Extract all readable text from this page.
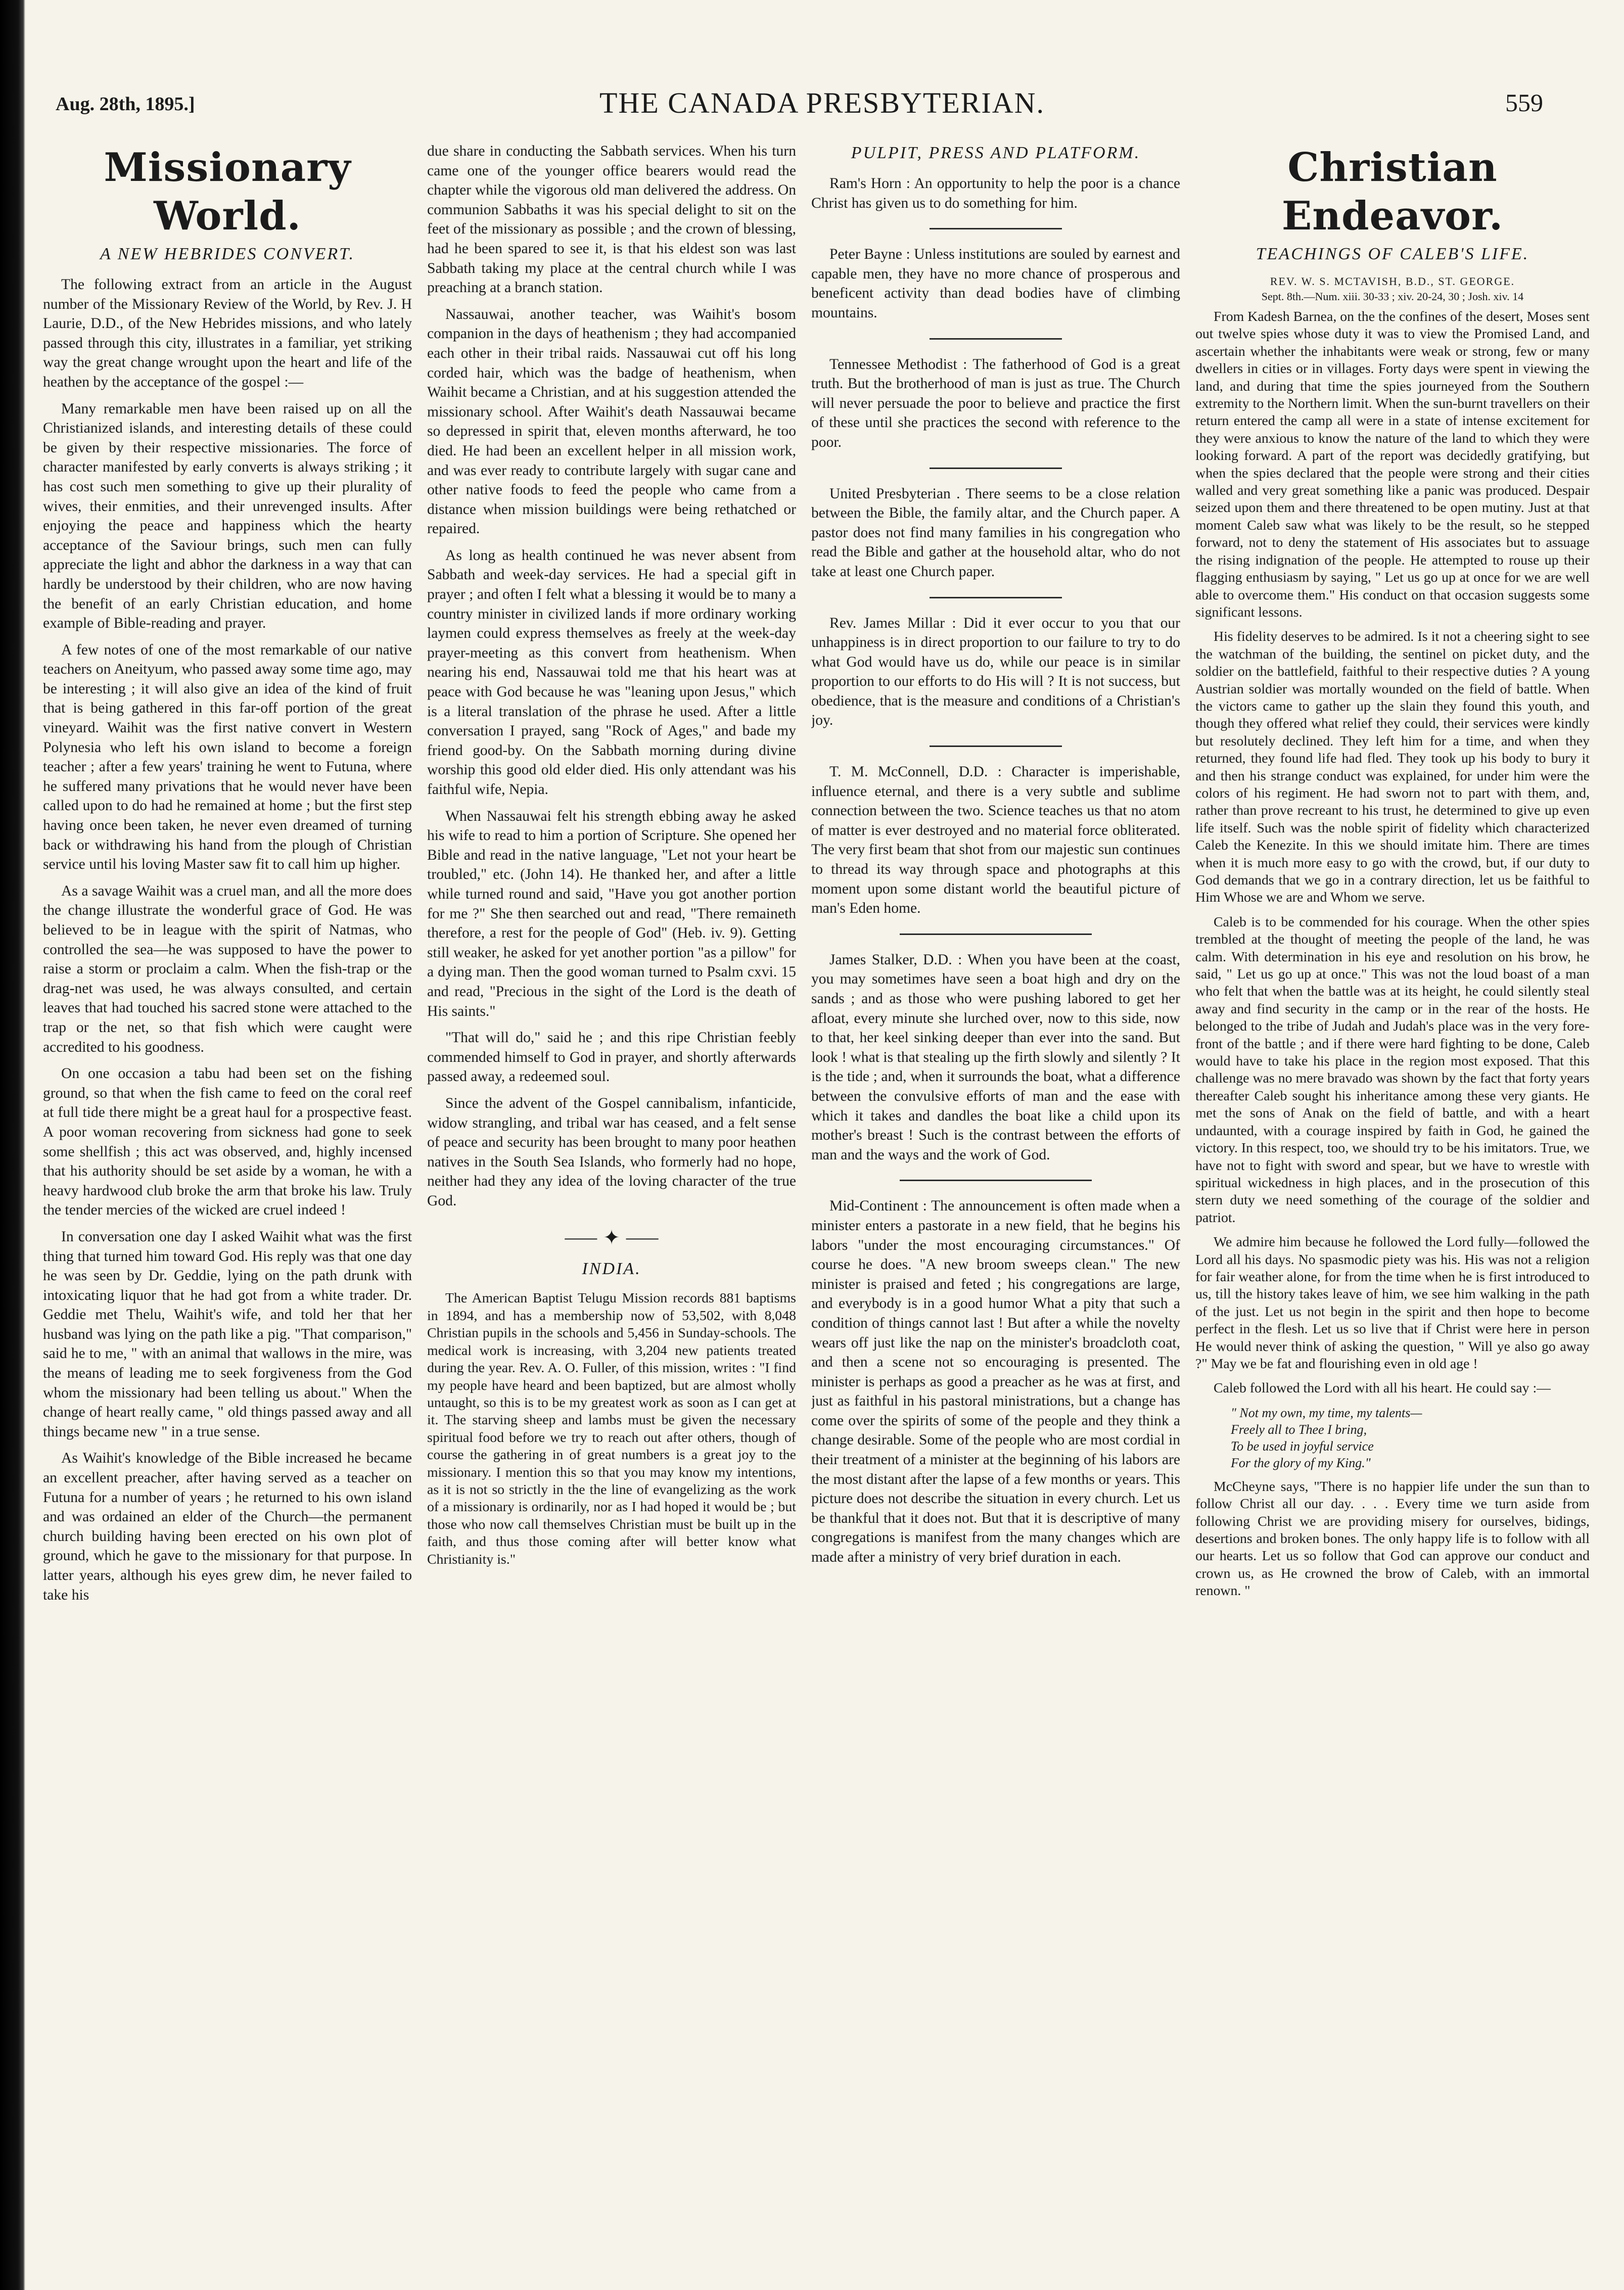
Aug. 28th, 1895.]	THE CANADA PRESBYTERIAN.	559
Missionary World.
A NEW HEBRIDES CONVERT.

The following extract from an article in the August number of the Missionary Review of the World, by Rev. J. H Laurie, D.D., of the New Hebrides missions, and who lately passed through this city, illustrates in a familiar, yet striking way the great change wrought upon the heart and life of the heathen by the acceptance of the gospel :—

Many remarkable men have been raised up on all the Christianized islands, and interesting details of these could be given by their respective missionaries. The force of character manifested by early converts is always striking ; it has cost such men something to give up their plurality of wives, their enmities, and their unrevenged insults. After enjoying the peace and happiness which the hearty acceptance of the Saviour brings, such men can fully appreciate the light and abhor the darkness in a way that can hardly be understood by their children, who are now having the benefit of an early Christian education, and home example of Bible-reading and prayer.

A few notes of one of the most remarkable of our native teachers on Aneityum, who passed away some time ago, may be interesting ; it will also give an idea of the kind of fruit that is being gathered in this far-off portion of the great vineyard. Waihit was the first native convert in Western Polynesia who left his own island to become a foreign teacher ; after a few years' training he went to Futuna, where he suffered many privations that he would never have been called upon to do had he remained at home ; but the first step having once been taken, he never even dreamed of turning back or withdrawing his hand from the plough of Christian service until his loving Master saw fit to call him up higher.

As a savage Waihit was a cruel man, and all the more does the change illustrate the wonderful grace of God. He was believed to be in league with the spirit of Natmas, who controlled the sea—he was supposed to have the power to raise a storm or proclaim a calm. When the fish-trap or the drag-net was used, he was always consulted, and certain leaves that had touched his sacred stone were attached to the trap or the net, so that fish which were caught were accredited to his goodness.

On one occasion a tabu had been set on the fishing ground, so that when the fish came to feed on the coral reef at full tide there might be a great haul for a prospective feast. A poor woman recovering from sickness had gone to seek some shellfish ; this act was observed, and, highly incensed that his authority should be set aside by a woman, he with a heavy hardwood club broke the arm that broke his law. Truly the tender mercies of the wicked are cruel indeed !

In conversation one day I asked Waihit what was the first thing that turned him toward God. His reply was that one day he was seen by Dr. Geddie, lying on the path drunk with intoxicating liquor that he had got from a white trader. Dr. Geddie met Thelu, Waihit's wife, and told her that her husband was lying on the path like a pig. "That comparison," said he to me, " with an animal that wallows in the mire, was the means of leading me to seek forgiveness from the God whom the missionary had been telling us about." When the change of heart really came, " old things passed away and all things became new " in a true sense.

As Waihit's knowledge of the Bible increased he became an excellent preacher, after having served as a teacher on Futuna for a number of years ; he returned to his own island and was ordained an elder of the Church—the permanent church building having been erected on his own plot of ground, which he gave to the missionary for that purpose. In latter years, although his eyes grew dim, he never failed to take his

due share in conducting the Sabbath services. When his turn came one of the younger office bearers would read the chapter while the vigorous old man delivered the address. On communion Sabbaths it was his special delight to sit on the feet of the missionary as possible ; and the crown of blessing, had he been spared to see it, is that his eldest son was last Sabbath taking my place at the central church while I was preaching at a branch station.

Nassauwai, another teacher, was Waihit's bosom companion in the days of heathenism ; they had accompanied each other in their tribal raids. Nassauwai cut off his long corded hair, which was the badge of heathenism, when Waihit became a Christian, and at his suggestion attended the missionary school. After Waihit's death Nassauwai became so depressed in spirit that, eleven months afterward, he too died. He had been an excellent helper in all mission work, and was ever ready to contribute largely with sugar cane and other native foods to feed the people who came from a distance when mission buildings were being rethatched or repaired.

As long as health continued he was never absent from Sabbath and week-day services. He had a special gift in prayer ; and often I felt what a blessing it would be to many a country minister in civilized lands if more ordinary working laymen could express themselves as freely at the week-day prayer-meeting as this convert from heathenism. When nearing his end, Nassauwai told me that his heart was at peace with God because he was "leaning upon Jesus," which is a literal translation of the phrase he used. After a little conversation I prayed, sang "Rock of Ages," and bade my friend good-by. On the Sabbath morning during divine worship this good old elder died. His only attendant was his faithful wife, Nepia.

When Nassauwai felt his strength ebbing away he asked his wife to read to him a portion of Scripture. She opened her Bible and read in the native language, "Let not your heart be troubled," etc. (John 14). He thanked her, and after a little while turned round and said, "Have you got another portion for me ?" She then searched out and read, "There remaineth therefore, a rest for the people of God" (Heb. iv. 9). Getting still weaker, he asked for yet another portion "as a pillow" for a dying man. Then the good woman turned to Psalm cxvi. 15 and read, "Precious in the sight of the Lord is the death of His saints."

"That will do," said he ; and this ripe Christian feebly commended himself to God in prayer, and shortly afterwards passed away, a redeemed soul.

Since the advent of the Gospel cannibalism, infanticide, widow strangling, and tribal war has ceased, and a felt sense of peace and security has been brought to many poor heathen natives in the South Sea Islands, who formerly had no hope, neither had they any idea of the loving character of the true God.

⸺ ✦ ⸺
INDIA.

The American Baptist Telugu Mission records 881 baptisms in 1894, and has a membership now of 53,502, with 8,048 Christian pupils in the schools and 5,456 in Sunday-schools. The medical work is increasing, with 3,204 new patients treated during the year. Rev. A. O. Fuller, of this mission, writes : "I find my people have heard and been baptized, but are almost wholly untaught, so this is to be my greatest work as soon as I can get at it. The starving sheep and lambs must be given the necessary spiritual food before we try to reach out after others, though of course the gathering in of great numbers is a great joy to the missionary. I mention this so that you may know my intentions, as it is not so strictly in the the line of evangelizing as the work of a missionary is ordinarily, nor as I had hoped it would be ; but those who now call themselves Christian must be built up in the faith, and thus those coming after will better know what Christianity is."

PULPIT, PRESS AND PLATFORM.

Ram's Horn : An opportunity to help the poor is a chance Christ has given us to do something for him.

Peter Bayne : Unless institutions are souled by earnest and capable men, they have no more chance of prosperous and beneficent activity than dead bodies have of climbing mountains.

Tennessee Methodist : The fatherhood of God is a great truth. But the brotherhood of man is just as true. The Church will never persuade the poor to believe and practice the first of these until she practices the second with reference to the poor.

United Presbyterian . There seems to be a close relation between the Bible, the family altar, and the Church paper. A pastor does not find many families in his congregation who read the Bible and gather at the household altar, who do not take at least one Church paper.

Rev. James Millar : Did it ever occur to you that our unhappiness is in direct proportion to our failure to try to do what God would have us do, while our peace is in similar proportion to our efforts to do His will ? It is not success, but obedience, that is the measure and conditions of a Christian's joy.

T. M. McConnell, D.D. : Character is imperishable, influence eternal, and there is a very subtle and sublime connection between the two. Science teaches us that no atom of matter is ever destroyed and no material force obliterated. The very first beam that shot from our majestic sun continues to thread its way through space and photographs at this moment upon some distant world the beautiful picture of man's Eden home.

James Stalker, D.D. : When you have been at the coast, you may sometimes have seen a boat high and dry on the sands ; and as those who were pushing labored to get her afloat, every minute she lurched over, now to this side, now to that, her keel sinking deeper than ever into the sand. But look ! what is that stealing up the firth slowly and silently ? It is the tide ; and, when it surrounds the boat, what a difference between the convulsive efforts of man and the ease with which it takes and dandles the boat like a child upon its mother's breast ! Such is the contrast between the efforts of man and the ways and the work of God.

Mid-Continent : The announcement is often made when a minister enters a pastorate in a new field, that he begins his labors "under the most encouraging circumstances." Of course he does. "A new broom sweeps clean." The new minister is praised and feted ; his congregations are large, and everybody is in a good humor What a pity that such a condition of things cannot last ! But after a while the novelty wears off just like the nap on the minister's broadcloth coat, and then a scene not so encouraging is presented. The minister is perhaps as good a preacher as he was at first, and just as faithful in his pastoral ministrations, but a change has come over the spirits of some of the people and they think a change desirable. Some of the people who are most cordial in their treatment of a minister at the beginning of his labors are the most distant after the lapse of a few months or years. This picture does not describe the situation in every church. Let us be thankful that it does not. But that it is descriptive of many congregations is manifest from the many changes which are made after a ministry of very brief duration in each.

Christian Endeavor.
TEACHINGS OF CALEB'S LIFE.
REV. W. S. MCTAVISH, B.D., ST. GEORGE.
Sept. 8th.—Num. xiii. 30-33 ; xiv. 20-24, 30 ; Josh. xiv. 14

From Kadesh Barnea, on the the confines of the desert, Moses sent out twelve spies whose duty it was to view the Promised Land, and ascertain whether the inhabitants were weak or strong, few or many dwellers in cities or in villages. Forty days were spent in viewing the land, and during that time the spies journeyed from the Southern extremity to the Northern limit. When the sun-burnt travellers on their return entered the camp all were in a state of intense excitement for they were anxious to know the nature of the land to which they were looking forward. A part of the report was decidedly gratifying, but when the spies declared that the people were strong and their cities walled and very great something like a panic was produced. Despair seized upon them and there threatened to be open mutiny. Just at that moment Caleb saw what was likely to be the result, so he stepped forward, not to deny the statement of His associates but to assuage the rising indignation of the people. He attempted to rouse up their flagging enthusiasm by saying, " Let us go up at once for we are well able to overcome them." His conduct on that occasion suggests some significant lessons.

His fidelity deserves to be admired. Is it not a cheering sight to see the watchman of the building, the sentinel on picket duty, and the soldier on the battlefield, faithful to their respective duties ? A young Austrian soldier was mortally wounded on the field of battle. When the victors came to gather up the slain they found this youth, and though they offered what relief they could, their services were kindly but resolutely declined. They left him for a time, and when they returned, they found life had fled. They took up his body to bury it and then his strange conduct was explained, for under him were the colors of his regiment. He had sworn not to part with them, and, rather than prove recreant to his trust, he determined to give up even life itself. Such was the noble spirit of fidelity which characterized Caleb the Kenezite. In this we should imitate him. There are times when it is much more easy to go with the crowd, but, if our duty to God demands that we go in a contrary direction, let us be faithful to Him Whose we are and Whom we serve.

Caleb is to be commended for his courage. When the other spies trembled at the thought of meeting the people of the land, he was calm. With determination in his eye and resolution on his brow, he said, " Let us go up at once." This was not the loud boast of a man who felt that when the battle was at its height, he could silently steal away and find security in the camp or in the rear of the hosts. He belonged to the tribe of Judah and Judah's place was in the very fore-front of the battle ; and if there were hard fighting to be done, Caleb would have to take his place in the region most exposed. That this challenge was no mere bravado was shown by the fact that forty years thereafter Caleb sought his inheritance among these very giants. He met the sons of Anak on the field of battle, and with a heart undaunted, with a courage inspired by faith in God, he gained the victory. In this respect, too, we should try to be his imitators. True, we have not to fight with sword and spear, but we have to wrestle with spiritual wickedness in high places, and in the prosecution of this stern duty we need something of the courage of the soldier and patriot.

We admire him because he followed the Lord fully—followed the Lord all his days. No spasmodic piety was his. His was not a religion for fair weather alone, for from the time when he is first introduced to us, till the history takes leave of him, we see him walking in the path of the just. Let us not begin in the spirit and then hope to become perfect in the flesh. Let us so live that if Christ were here in person He would never think of asking the question, " Will ye also go away ?" May we be fat and flourishing even in old age !

Caleb followed the Lord with all his heart. He could say :—

" Not my own, my time, my talents—
Freely all to Thee I bring,
To be used in joyful service
For the glory of my King."

McCheyne says, "There is no happier life under the sun than to follow Christ all our day. . . . Every time we turn aside from following Christ we are providing misery for ourselves, bidings, desertions and broken bones. The only happy life is to follow with all our hearts. Let us so follow that God can approve our conduct and crown us, as He crowned the brow of Caleb, with an immortal renown. "
